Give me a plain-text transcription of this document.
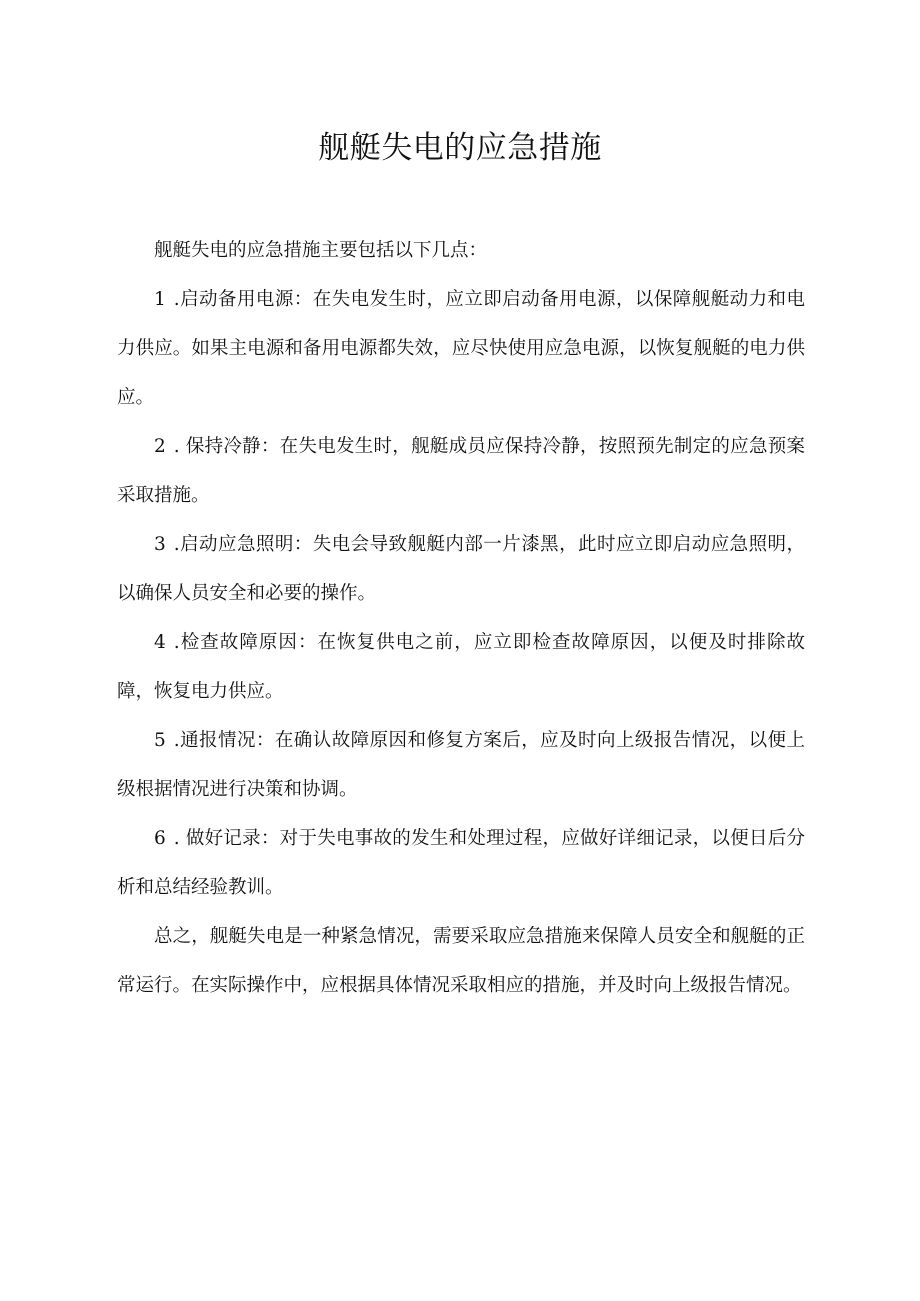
舰艇失电的应急措施

舰艇失电的应急措施主要包括以下几点：

1 .启动备用电源：在失电发生时，应立即启动备用电源，以保障舰艇动力和电力供应。如果主电源和备用电源都失效，应尽快使用应急电源，以恢复舰艇的电力供应。

2 . 保持冷静：在失电发生时，舰艇成员应保持冷静，按照预先制定的应急预案采取措施。

3 .启动应急照明：失电会导致舰艇内部一片漆黑，此时应立即启动应急照明，以确保人员安全和必要的操作。

4 .检查故障原因：在恢复供电之前，应立即检查故障原因，以便及时排除故障，恢复电力供应。

5 .通报情况：在确认故障原因和修复方案后，应及时向上级报告情况，以便上级根据情况进行决策和协调。

6 . 做好记录：对于失电事故的发生和处理过程，应做好详细记录，以便日后分析和总结经验教训。

总之，舰艇失电是一种紧急情况，需要采取应急措施来保障人员安全和舰艇的正常运行。在实际操作中，应根据具体情况采取相应的措施，并及时向上级报告情况。
